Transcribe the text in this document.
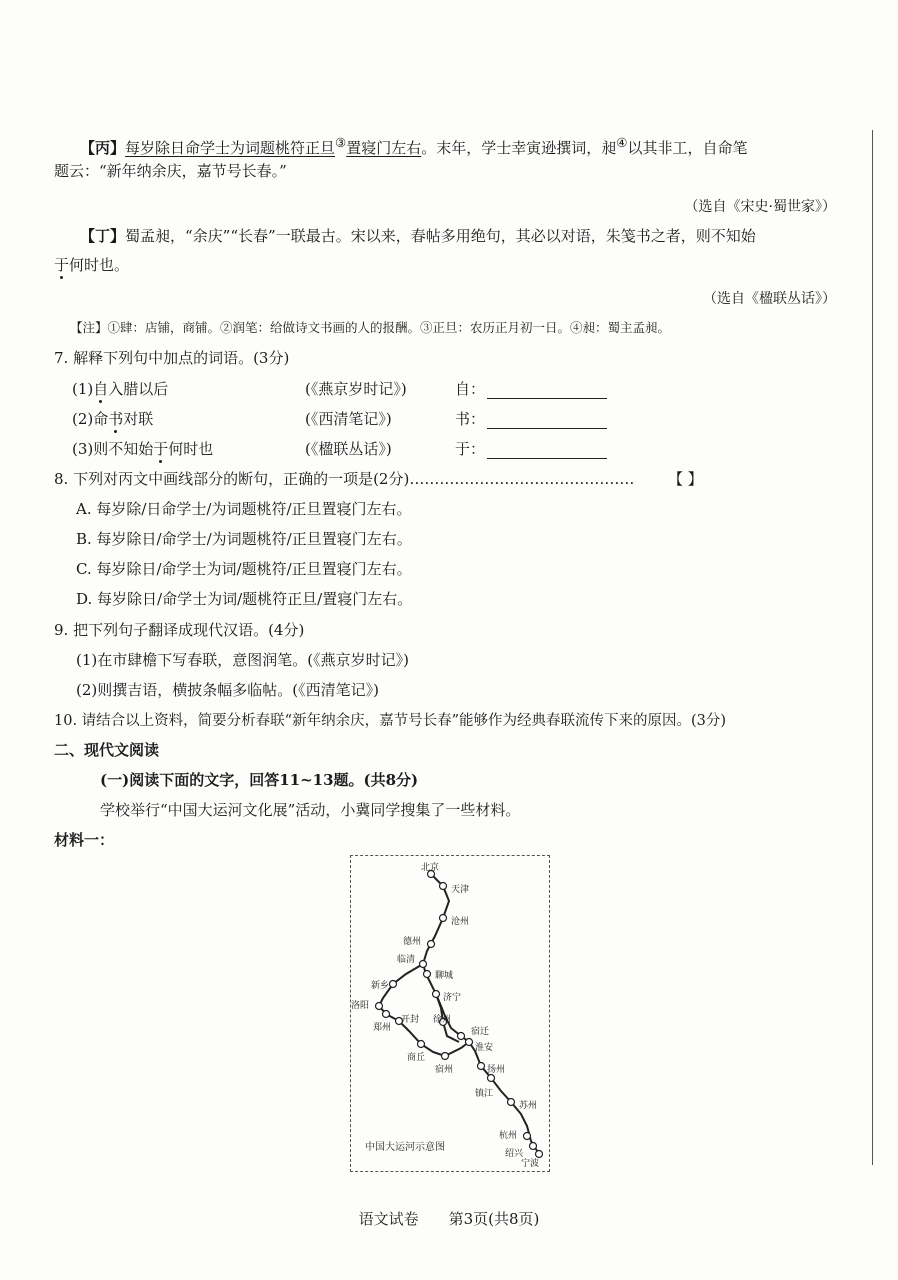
【丙】每岁除日命学士为词题桃符正旦③置寝门左右。末年，学士幸寅逊撰词，昶④以其非工，自命笔
题云：“新年纳余庆，嘉节号长春。”
（选自《宋史·蜀世家》）
【丁】蜀孟昶，“余庆”“长春”一联最古。宋以来，春帖多用绝句，其必以对语，朱笺书之者，则不知始
于何时也。
（选自《楹联丛话》）
【注】①肆：店铺，商铺。②润笔：给做诗文书画的人的报酬。③正旦：农历正月初一日。④昶：蜀主孟昶。
7. 解释下列句中加点的词语。(3分)
(1)自入腊以后	(《燕京岁时记》)	自：
(2)命书对联	(《西清笔记》)	书：
(3)则不知始于何时也	(《楹联丛话》)	于：
8. 下列对丙文中画线部分的断句，正确的一项是(2分)……………………………………… 【 】
A. 每岁除/日命学士/为词题桃符/正旦置寝门左右。
B. 每岁除日/命学士/为词题桃符/正旦置寝门左右。
C. 每岁除日/命学士为词/题桃符/正旦置寝门左右。
D. 每岁除日/命学士为词/题桃符正旦/置寝门左右。
9. 把下列句子翻译成现代汉语。(4分)
(1)在市肆檐下写春联，意图润笔。(《燕京岁时记》)
(2)则撰吉语，横披条幅多临帖。(《西清笔记》)
10. 请结合以上资料，简要分析春联“新年纳余庆，嘉节号长春”能够作为经典春联流传下来的原因。(3分)
二、现代文阅读
(一)阅读下面的文字，回答11~13题。(共8分)
学校举行“中国大运河文化展”活动，小冀同学搜集了一些材料。
材料一：
北京
天津
沧州
德州
临清
聊城
新乡
济宁
洛阳
开封
郑州
徐州
宿迁
淮安
商丘
宿州	扬州
镇江
苏州
杭州
绍兴
宁波
中国大运河示意图
语文试卷　　第3页(共8页)
